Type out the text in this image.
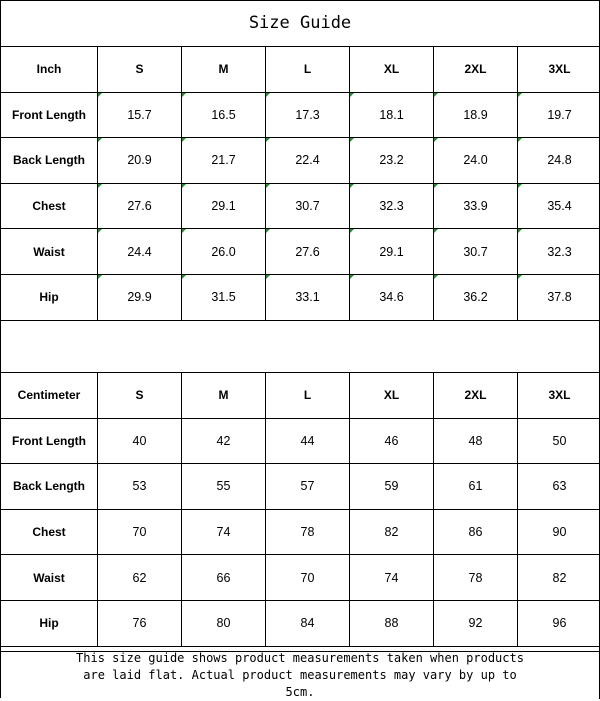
Size Guide
Inch	S	M	L	XL	2XL	3XL
Front Length	15.7	16.5	17.3	18.1	18.9	19.7
Back Length	20.9	21.7	22.4	23.2	24.0	24.8
Chest	27.6	29.1	30.7	32.3	33.9	35.4
Waist	24.4	26.0	27.6	29.1	30.7	32.3
Hip	29.9	31.5	33.1	34.6	36.2	37.8
Centimeter	S	M	L	XL	2XL	3XL
Front Length	40	42	44	46	48	50
Back Length	53	55	57	59	61	63
Chest	70	74	78	82	86	90
Waist	62	66	70	74	78	82
Hip	76	80	84	88	92	96
This size guide shows product measurements taken when products are laid flat. Actual product measurements may vary by up to 5cm.
